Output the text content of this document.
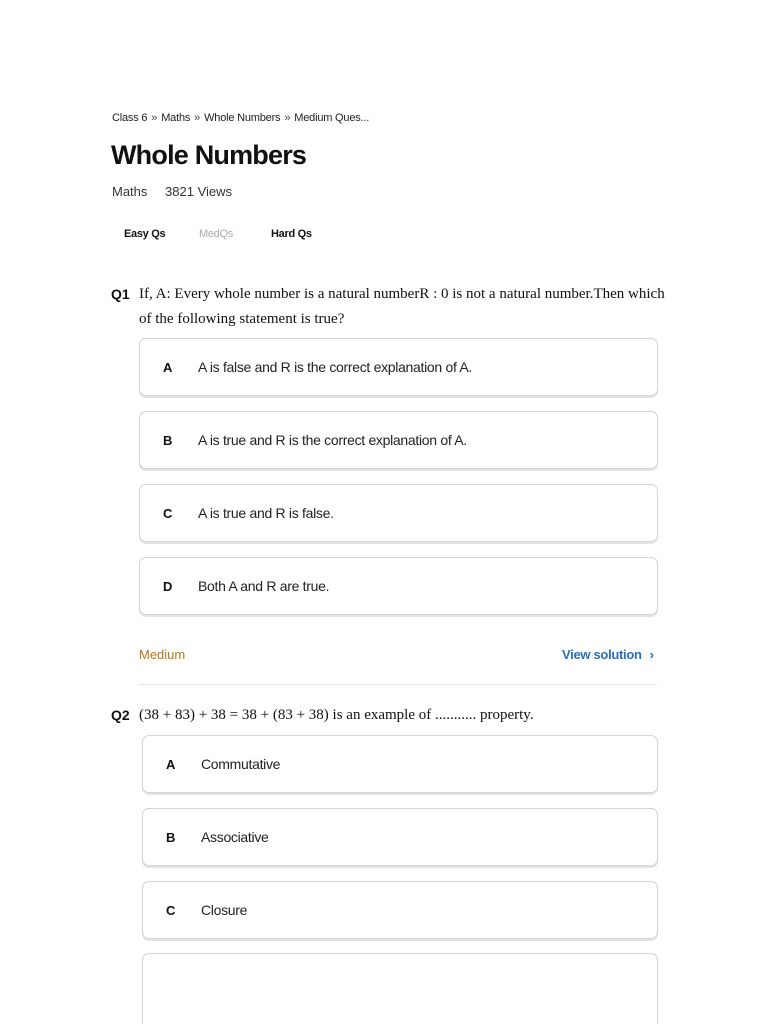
Class 6 » Maths » Whole Numbers » Medium Ques...
Whole Numbers
Maths 3821 Views
Easy Qs	MedQs	Hard Qs
Q1 If, A: Every whole number is a natural numberR : 0 is not a natural number.Then which of the following statement is true?
A A is false and R is the correct explanation of A.
B A is true and R is the correct explanation of A.
C A is true and R is false.
D Both A and R are true.
Medium	View solution ›
Q2 (38 + 83) + 38 = 38 + (83 + 38) is an example of ........... property.
A Commutative
B Associative
C Closure
